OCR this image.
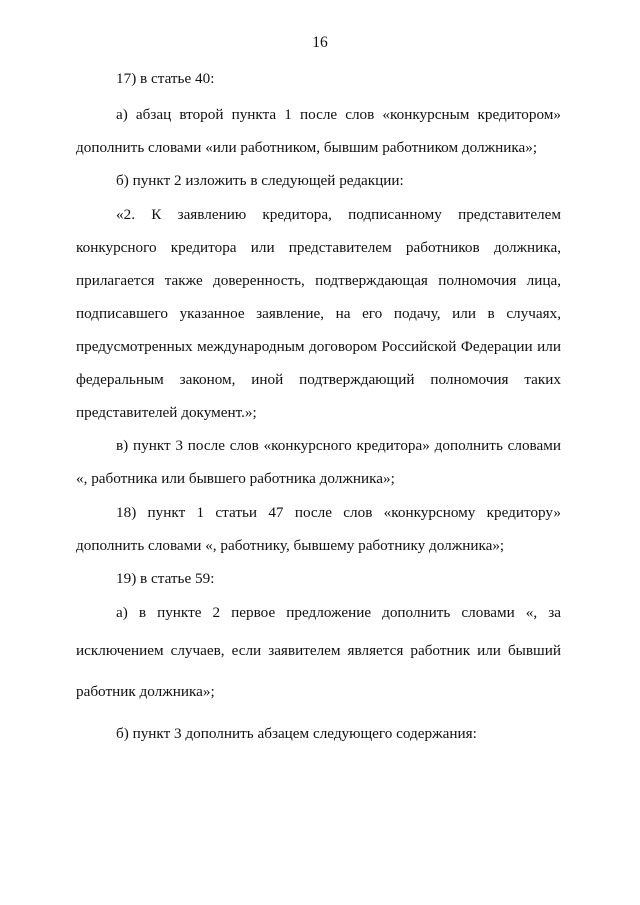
16
17) в статье 40:
а) абзац второй пункта 1 после слов «конкурсным кредитором»
дополнить словами «или работником, бывшим работником должника»;
б) пункт 2 изложить в следующей редакции:
«2. К заявлению кредитора, подписанному представителем
конкурсного кредитора или представителем работников должника,
прилагается также доверенность, подтверждающая полномочия лица,
подписавшего указанное заявление, на его подачу, или в случаях,
предусмотренных международным договором Российской Федерации или
федеральным законом, иной подтверждающий полномочия таких
представителей документ.»;
в) пункт 3 после слов «конкурсного кредитора» дополнить словами
«, работника или бывшего работника должника»;
18) пункт 1 статьи 47 после слов «конкурсному кредитору»
дополнить словами «, работнику, бывшему работнику должника»;
19) в статье 59:
а) в пункте 2 первое предложение дополнить словами «, за
исключением случаев, если заявителем является работник или бывший
работник должника»;
б) пункт 3 дополнить абзацем следующего содержания:
